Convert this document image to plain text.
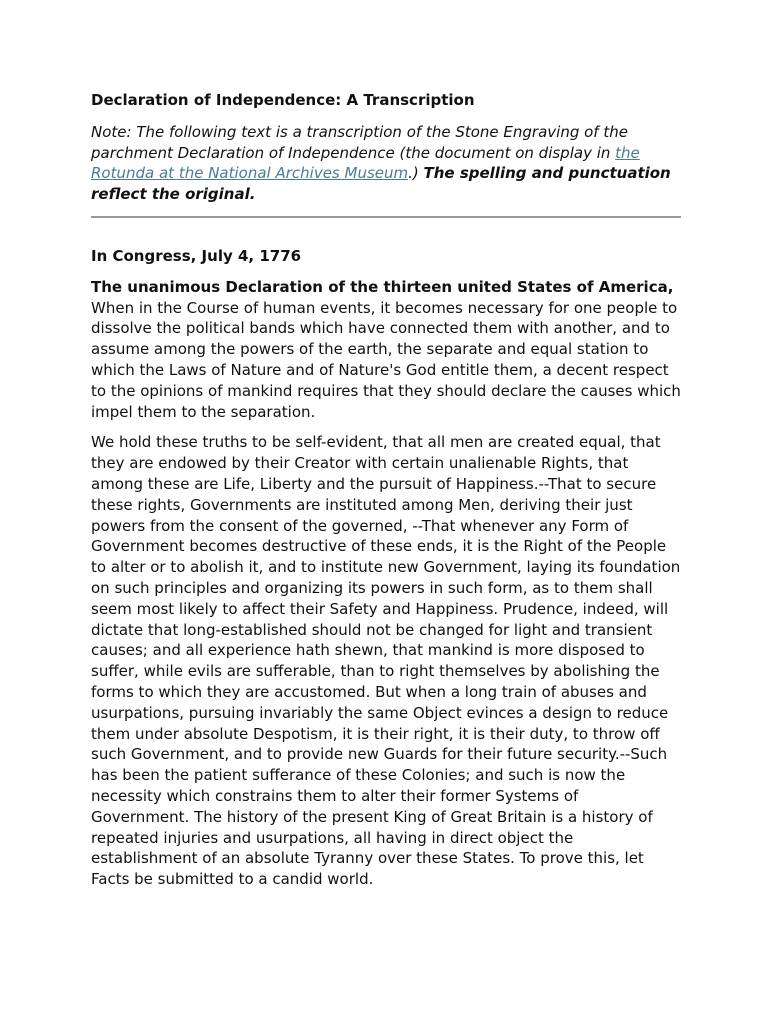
Declaration of Independence: A Transcription

Note: The following text is a transcription of the Stone Engraving of the parchment Declaration of Independence (the document on display in the Rotunda at the National Archives Museum.) The spelling and punctuation reflect the original.

In Congress, July 4, 1776
The unanimous Declaration of the thirteen united States of America,

When in the Course of human events, it becomes necessary for one people to dissolve the political bands which have connected them with another, and to assume among the powers of the earth, the separate and equal station to which the Laws of Nature and of Nature's God entitle them, a decent respect to the opinions of mankind requires that they should declare the causes which impel them to the separation.

We hold these truths to be self-evident, that all men are created equal, that they are endowed by their Creator with certain unalienable Rights, that among these are Life, Liberty and the pursuit of Happiness.--That to secure these rights, Governments are instituted among Men, deriving their just powers from the consent of the governed, --That whenever any Form of Government becomes destructive of these ends, it is the Right of the People to alter or to abolish it, and to institute new Government, laying its foundation on such principles and organizing its powers in such form, as to them shall seem most likely to affect their Safety and Happiness. Prudence, indeed, will dictate that long-established should not be changed for light and transient causes; and all experience hath shewn, that mankind is more disposed to suffer, while evils are sufferable, than to right themselves by abolishing the forms to which they are accustomed. But when a long train of abuses and usurpations, pursuing invariably the same Object evinces a design to reduce them under absolute Despotism, it is their right, it is their duty, to throw off such Government, and to provide new Guards for their future security.--Such has been the patient sufferance of these Colonies; and such is now the necessity which constrains them to alter their former Systems of Government. The history of the present King of Great Britain is a history of repeated injuries and usurpations, all having in direct object the establishment of an absolute Tyranny over these States. To prove this, let Facts be submitted to a candid world.
